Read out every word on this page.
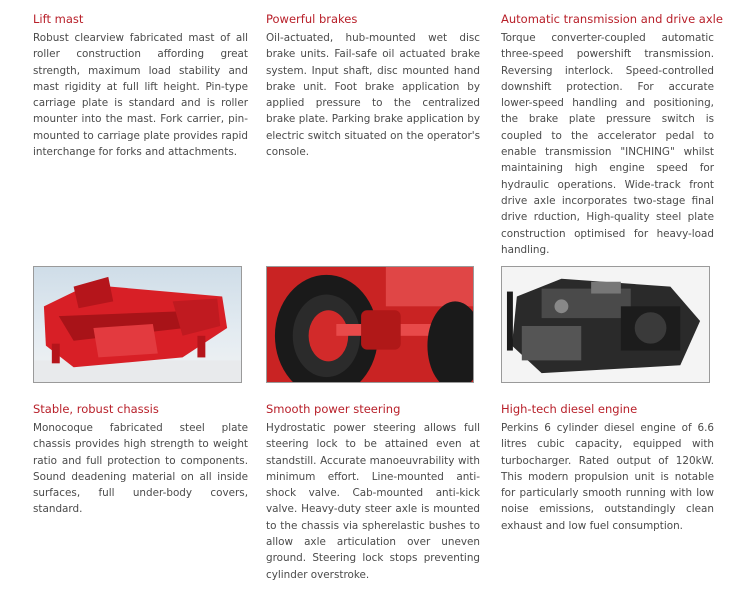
Lift mast

Robust clearview fabricated mast of all roller construction affording great strength, maximum load stability and mast rigidity at full lift height. Pin-type carriage plate is standard and is roller mounter into the mast. Fork carrier, pin-mounted to carriage plate provides rapid interchange for forks and attachments.

Powerful brakes

Oil-actuated, hub-mounted wet disc brake units. Fail-safe oil actuated brake system. Input shaft, disc mounted hand brake unit. Foot brake application by applied pressure to the centralized brake plate. Parking brake application by electric switch situated on the operator's console.

Automatic transmission and drive axle

Torque converter-coupled automatic three-speed powershift transmission. Reversing interlock. Speed-controlled downshift protection. For accurate lower-speed handling and positioning, the brake plate pressure switch is coupled to the accelerator pedal to enable transmission "INCHING" whilst maintaining high engine speed for hydraulic operations. Wide-track front drive axle incorporates two-stage final drive rduction, High-quality steel plate construction optimised for heavy-load handling.

Stable, robust chassis

Monocoque fabricated steel plate chassis provides high strength to weight ratio and full protection to components. Sound deadening material on all inside surfaces, full under-body covers, standard.

Smooth power steering

Hydrostatic power steering allows full steering lock to be attained even at standstill. Accurate manoeuvrability with minimum effort. Line-mounted anti-shock valve. Cab-mounted anti-kick valve. Heavy-duty steer axle is mounted to the chassis via spherelastic bushes to allow axle articulation over uneven ground. Steering lock stops preventing cylinder overstroke.

High-tech diesel engine

Perkins 6 cylinder diesel engine of 6.6 litres cubic capacity, equipped with turbocharger. Rated output of 120kW. This modern propulsion unit is notable for particularly smooth running with low noise emissions, outstandingly clean exhaust and low fuel consumption.
